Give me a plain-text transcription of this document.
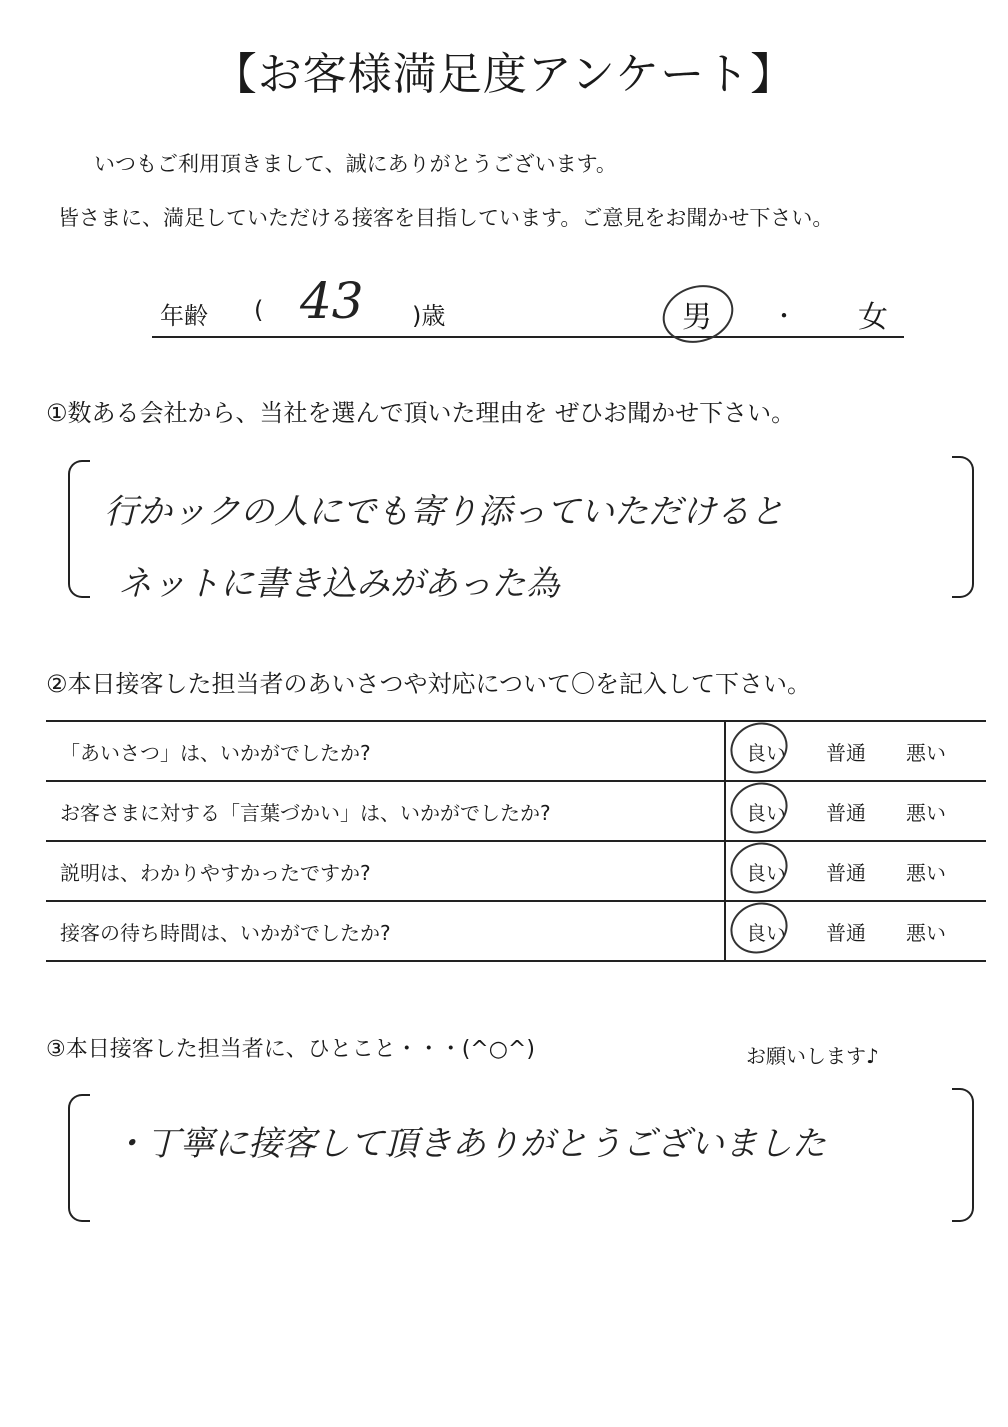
【お客様満足度アンケート】
いつもご利用頂きまして、誠にありがとうございます。
皆さまに、満足していただける接客を目指しています。ご意見をお聞かせ下さい。
年齢 ( 43 )歳	男	・ 女
①数ある会社から、当社を選んで頂いた理由を ぜひお聞かせ下さい。
行かックの人にでも寄り添っていただけると
ネットに書き込みがあった為
②本日接客した担当者のあいさつや対応について〇を記入して下さい。
「あいさつ」は、いかがでしたか?	良い 普通 悪い
お客さまに対する「言葉づかい」は、いかがでしたか?	良い 普通 悪い
説明は、わかりやすかったですか?	良い 普通 悪い
接客の待ち時間は、いかがでしたか?	良い 普通 悪い
③本日接客した担当者に、ひとこと・・・(^○^)	お願いします♪
・丁寧に接客して頂きありがとうございました
